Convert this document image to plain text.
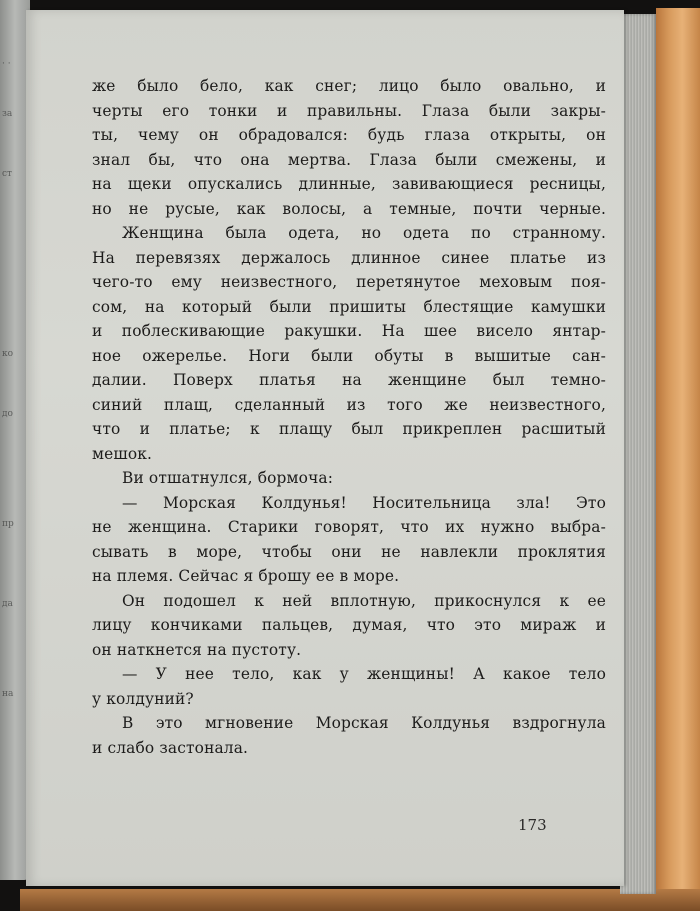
· ·
за
ст
ко
до
пр
да
на
же было бело, как снег; лицо было овально, и
черты его тонки и правильны. Глаза были закры-
ты, чему он обрадовался: будь глаза открыты, он
знал бы, что она мертва. Глаза были смежены, и
на щеки опускались длинные, завивающиеся ресницы,
но не русые, как волосы, а темные, почти черные.
Женщина была одета, но одета по странному.
На перевязях держалось длинное синее платье из
чего-то ему неизвестного, перетянутое меховым поя-
сом, на который были пришиты блестящие камушки
и поблескивающие ракушки. На шее висело янтар-
ное ожерелье. Ноги были обуты в вышитые сан-
далии. Поверх платья на женщине был темно-
синий плащ, сделанный из того же неизвестного,
что и платье; к плащу был прикреплен расшитый
мешок.
Ви отшатнулся, бормоча:
— Морская Колдунья! Носительница зла! Это
не женщина. Старики говорят, что их нужно выбра-
сывать в море, чтобы они не навлекли проклятия
на племя. Сейчас я брошу ее в море.
Он подошел к ней вплотную, прикоснулся к ее
лицу кончиками пальцев, думая, что это мираж и
он наткнется на пустоту.
— У нее тело, как у женщины! А какое тело
у колдуний?
В это мгновение Морская Колдунья вздрогнула
и слабо застонала.
173
